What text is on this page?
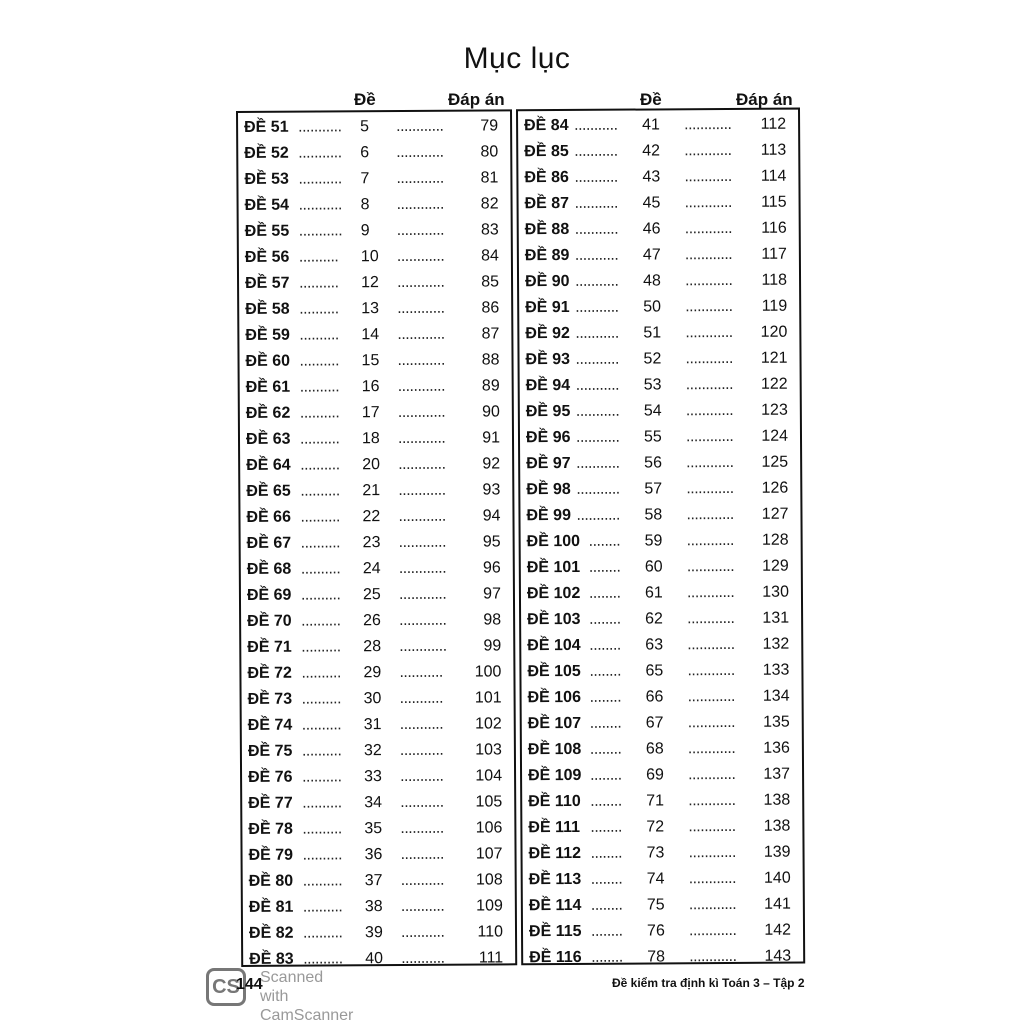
Mục lục
Đề	Đáp án	Đề	Đáp án
ĐỀ 51 ........... 5 ............ 79
ĐỀ 52 ........... 6 ............ 80
ĐỀ 53 ........... 7 ............ 81
ĐỀ 54 ........... 8 ............ 82
ĐỀ 55 ........... 9 ............ 83
ĐỀ 56 .......... 10 ............ 84
ĐỀ 57 .......... 12 ............ 85
ĐỀ 58 .......... 13 ............ 86
ĐỀ 59 .......... 14 ............ 87
ĐỀ 60 .......... 15 ............ 88
ĐỀ 61 .......... 16 ............ 89
ĐỀ 62 .......... 17 ............ 90
ĐỀ 63 .......... 18 ............ 91
ĐỀ 64 .......... 20 ............ 92
ĐỀ 65 .......... 21 ............ 93
ĐỀ 66 .......... 22 ............ 94
ĐỀ 67 .......... 23 ............ 95
ĐỀ 68 .......... 24 ............ 96
ĐỀ 69 .......... 25 ............ 97
ĐỀ 70 .......... 26 ............ 98
ĐỀ 71 .......... 28 ............ 99
ĐỀ 72 .......... 29 ........... 100
ĐỀ 73 .......... 30 ........... 101
ĐỀ 74 .......... 31 ........... 102
ĐỀ 75 .......... 32 ........... 103
ĐỀ 76 .......... 33 ........... 104
ĐỀ 77 .......... 34 ........... 105
ĐỀ 78 .......... 35 ........... 106
ĐỀ 79 .......... 36 ........... 107
ĐỀ 80 .......... 37 ........... 108
ĐỀ 81 .......... 38 ........... 109
ĐỀ 82 .......... 39 ........... 110
ĐỀ 83 .......... 40 ........... 111
ĐỀ 84 ........... 41 ............ 112
ĐỀ 85 ........... 42 ............ 113
ĐỀ 86 ........... 43 ............ 114
ĐỀ 87 ........... 45 ............ 115
ĐỀ 88 ........... 46 ............ 116
ĐỀ 89 ........... 47 ............ 117
ĐỀ 90 ........... 48 ............ 118
ĐỀ 91 ........... 50 ............ 119
ĐỀ 92 ........... 51 ............ 120
ĐỀ 93 ........... 52 ............ 121
ĐỀ 94 ........... 53 ............ 122
ĐỀ 95 ........... 54 ............ 123
ĐỀ 96 ........... 55 ............ 124
ĐỀ 97 ........... 56 ............ 125
ĐỀ 98 ........... 57 ............ 126
ĐỀ 99 ........... 58 ............ 127
ĐỀ 100 ........ 59 ............ 128
ĐỀ 101 ........ 60 ............ 129
ĐỀ 102 ........ 61 ............ 130
ĐỀ 103 ........ 62 ............ 131
ĐỀ 104 ........ 63 ............ 132
ĐỀ 105 ........ 65 ............ 133
ĐỀ 106 ........ 66 ............ 134
ĐỀ 107 ........ 67 ............ 135
ĐỀ 108 ........ 68 ............ 136
ĐỀ 109 ........ 69 ............ 137
ĐỀ 110 ........ 71 ............ 138
ĐỀ 111 ........ 72 ............ 138
ĐỀ 112 ........ 73 ............ 139
ĐỀ 113 ........ 74 ............ 140
ĐỀ 114 ........ 75 ............ 141
ĐỀ 115 ........ 76 ............ 142
ĐỀ 116 ........ 78 ............ 143
CS
144
Scanned with
CamScanner
Đề kiểm tra định kì Toán 3 – Tập 2
